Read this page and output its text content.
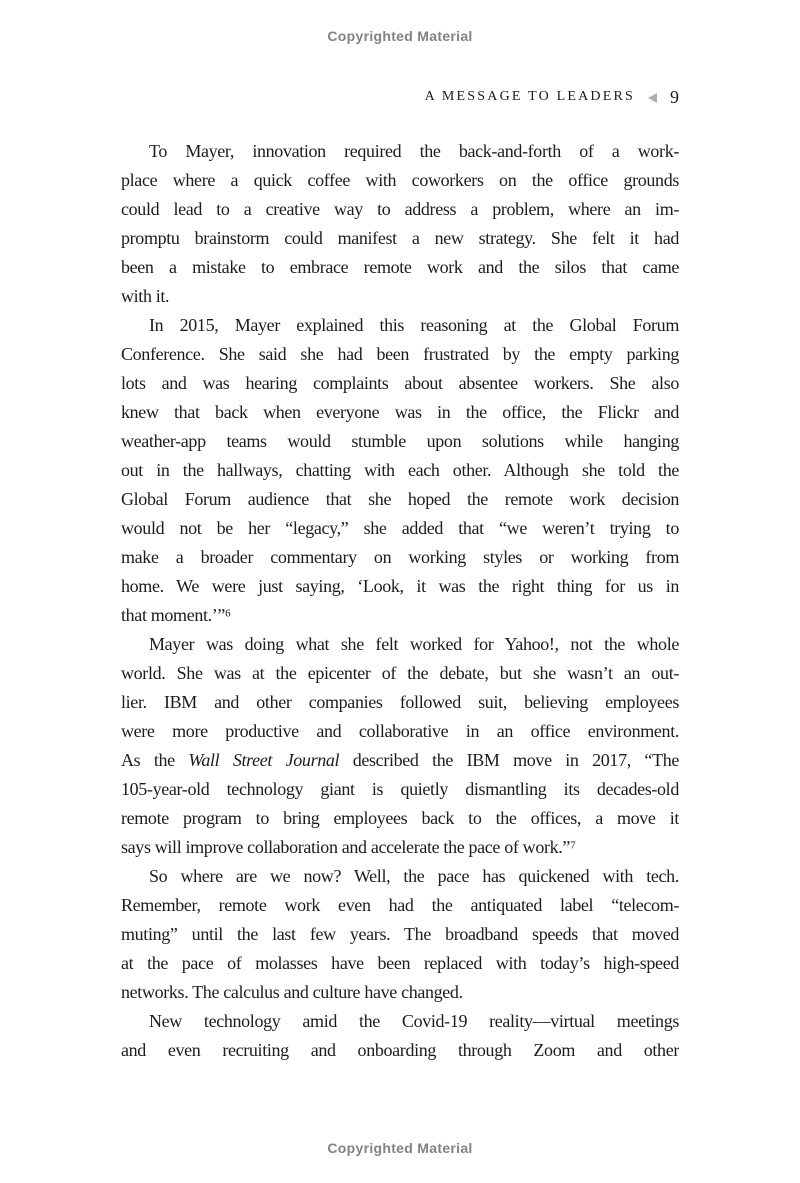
Copyrighted Material
A MESSAGE TO LEADERS 9

To Mayer, innovation required the back-and-forth of a work-
place where a quick coffee with coworkers on the office grounds
could lead to a creative way to address a problem, where an im-
promptu brainstorm could manifest a new strategy. She felt it had
been a mistake to embrace remote work and the silos that came
with it.

In 2015, Mayer explained this reasoning at the Global Forum
Conference. She said she had been frustrated by the empty parking
lots and was hearing complaints about absentee workers. She also
knew that back when everyone was in the office, the Flickr and
weather-app teams would stumble upon solutions while hanging
out in the hallways, chatting with each other. Although she told the
Global Forum audience that she hoped the remote work decision
would not be her “legacy,” she added that “we weren’t trying to
make a broader commentary on working styles or working from
home. We were just saying, ‘Look, it was the right thing for us in
that moment.’”$^6$

Mayer was doing what she felt worked for Yahoo!, not the whole
world. She was at the epicenter of the debate, but she wasn’t an out-
lier. IBM and other companies followed suit, believing employees
were more productive and collaborative in an office environment.
As the Wall Street Journal described the IBM move in 2017, “The
105-year-old technology giant is quietly dismantling its decades-old
remote program to bring employees back to the offices, a move it
says will improve collaboration and accelerate the pace of work.”$^7$

So where are we now? Well, the pace has quickened with tech.
Remember, remote work even had the antiquated label “telecom-
muting” until the last few years. The broadband speeds that moved
at the pace of molasses have been replaced with today’s high-speed
networks. The calculus and culture have changed.

New technology amid the Covid-19 reality—virtual meetings
and even recruiting and onboarding through Zoom and other

Copyrighted Material
